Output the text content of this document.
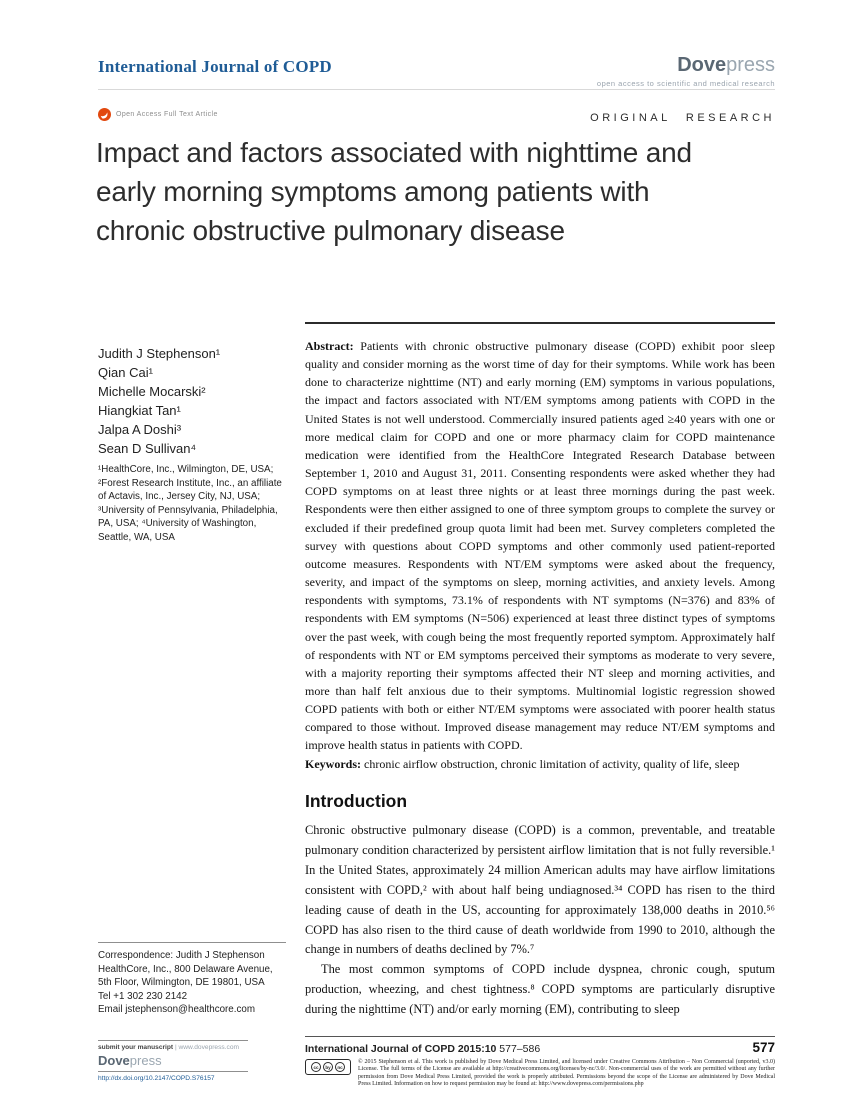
International Journal of COPD	Dovepress
open access to scientific and medical research
Open Access Full Text Article	ORIGINAL RESEARCH
Impact and factors associated with nighttime and early morning symptoms among patients with chronic obstructive pulmonary disease
Judith J Stephenson¹
Qian Cai¹
Michelle Mocarski²
Hiangkiat Tan¹
Jalpa A Doshi³
Sean D Sullivan⁴
¹HealthCore, Inc., Wilmington, DE, USA; ²Forest Research Institute, Inc., an affiliate of Actavis, Inc., Jersey City, NJ, USA; ³University of Pennsylvania, Philadelphia, PA, USA; ⁴University of Washington, Seattle, WA, USA
Correspondence: Judith J Stephenson
HealthCore, Inc., 800 Delaware Avenue, 5th Floor, Wilmington, DE 19801, USA
Tel +1 302 230 2142
Email jstephenson@healthcore.com

Abstract: Patients with chronic obstructive pulmonary disease (COPD) exhibit poor sleep quality and consider morning as the worst time of day for their symptoms. While work has been done to characterize nighttime (NT) and early morning (EM) symptoms in various populations, the impact and factors associated with NT/EM symptoms among patients with COPD in the United States is not well understood. Commercially insured patients aged ≥40 years with one or more medical claim for COPD and one or more pharmacy claim for COPD maintenance medication were identified from the HealthCore Integrated Research Database between September 1, 2010 and August 31, 2011. Consenting respondents were asked whether they had COPD symptoms on at least three nights or at least three mornings during the past week. Respondents were then either assigned to one of three symptom groups to complete the survey or excluded if their predefined group quota limit had been met. Survey completers completed the survey with questions about COPD symptoms and other commonly used patient-reported outcome measures. Respondents with NT/EM symptoms were asked about the frequency, severity, and impact of the symptoms on sleep, morning activities, and anxiety levels. Among respondents with symptoms, 73.1% of respondents with NT symptoms (N=376) and 83% of respondents with EM symptoms (N=506) experienced at least three distinct types of symptoms over the past week, with cough being the most frequently reported symptom. Approximately half of respondents with NT or EM symptoms perceived their symptoms as moderate to very severe, with a majority reporting their symptoms affected their NT sleep and morning activities, and more than half felt anxious due to their symptoms. Multinomial logistic regression showed COPD patients with both or either NT/EM symptoms were associated with poorer health status compared to those without. Improved disease management may reduce NT/EM symptoms and improve health status in patients with COPD.

Keywords: chronic airflow obstruction, chronic limitation of activity, quality of life, sleep

Introduction

Chronic obstructive pulmonary disease (COPD) is a common, preventable, and treatable pulmonary condition characterized by persistent airflow limitation that is not fully reversible.¹ In the United States, approximately 24 million American adults may have airflow limitations consistent with COPD,² with about half being undiagnosed.³⁴ COPD has risen to the third leading cause of death in the US, accounting for approximately 138,000 deaths in 2010.⁵⁶ COPD has also risen to the third cause of death worldwide from 1990 to 2010, although the change in numbers of deaths declined by 7%.⁷

The most common symptoms of COPD include dyspnea, chronic cough, sputum production, wheezing, and chest tightness.⁸ COPD symptoms are particularly disruptive during the nighttime (NT) and/or early morning (EM), contributing to sleep

submit your manuscript | www.dovepress.com
Dovepress
http://dx.doi.org/10.2147/COPD.S76157
International Journal of COPD 2015:10 577–586	577
cc	by	nc
© 2015 Stephenson et al. This work is published by Dove Medical Press Limited, and licensed under Creative Commons Attribution – Non Commercial (unported, v3.0) License. The full terms of the License are available at http://creativecommons.org/licenses/by-nc/3.0/. Non-commercial uses of the work are permitted without any further permission from Dove Medical Press Limited, provided the work is properly attributed. Permissions beyond the scope of the License are administered by Dove Medical Press Limited. Information on how to request permission may be found at: http://www.dovepress.com/permissions.php
